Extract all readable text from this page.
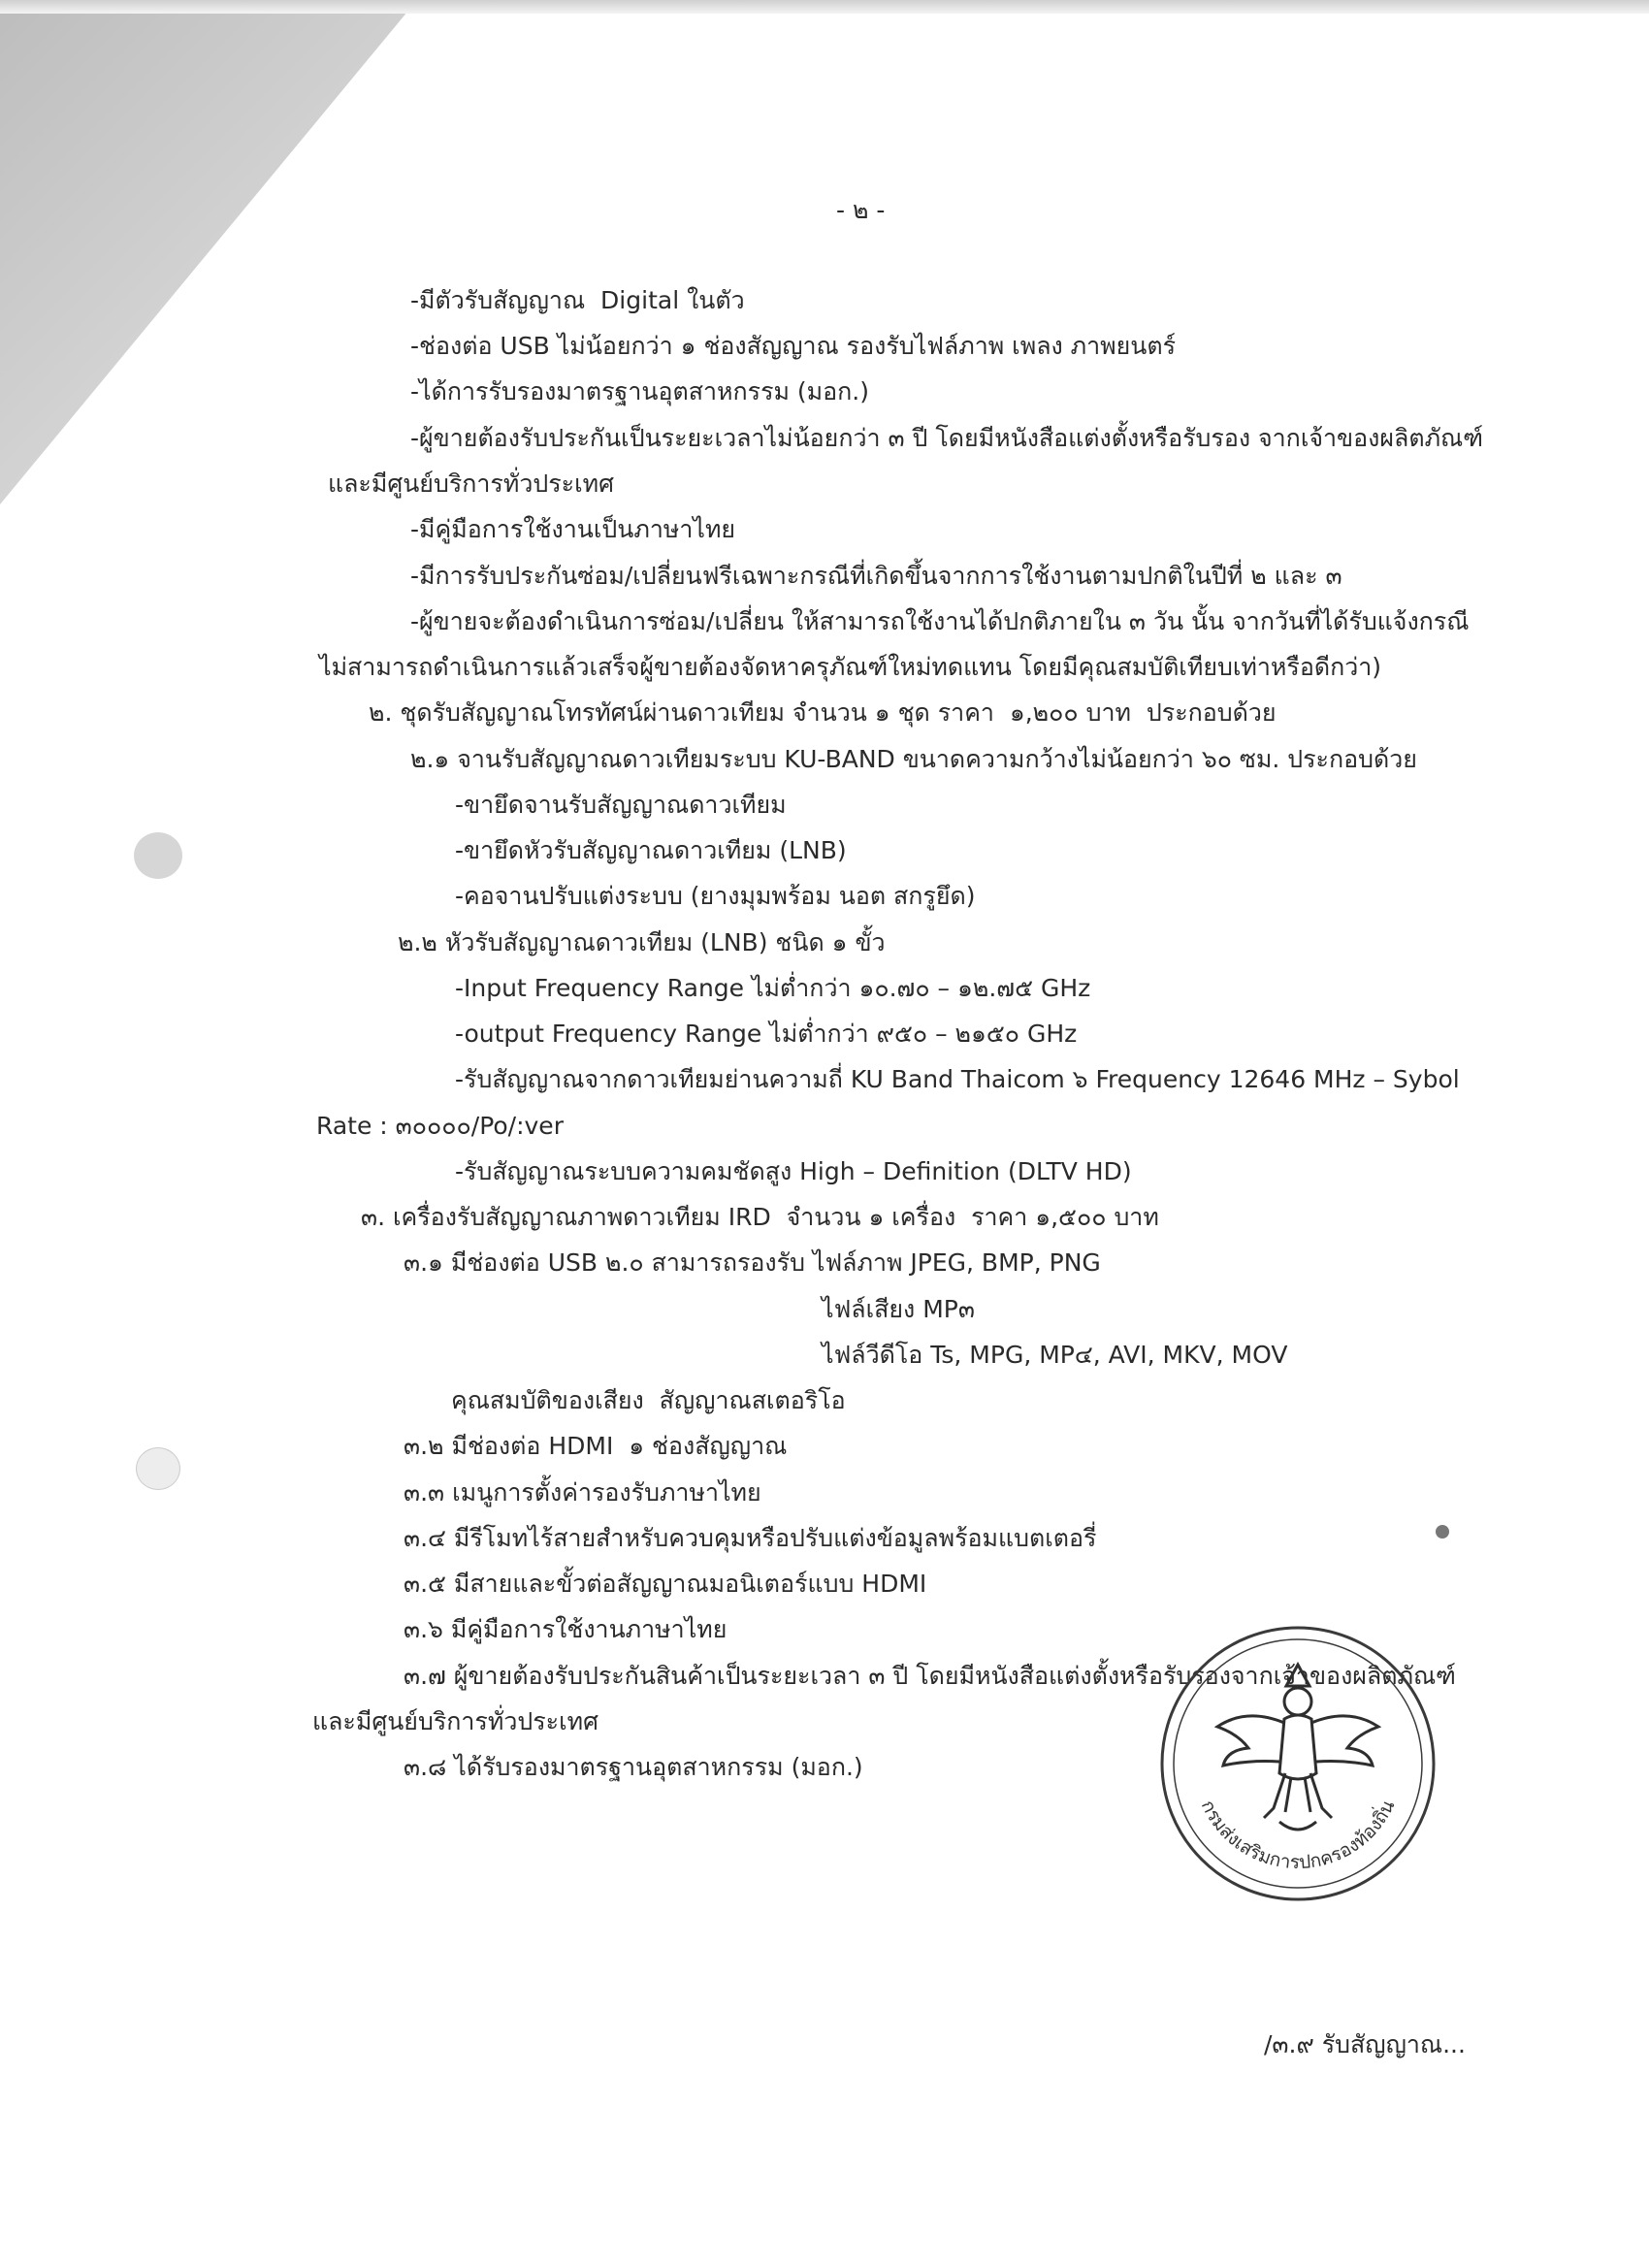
- ๒ -

-มีตัวรับสัญญาณ  Digital ในตัว

-ช่องต่อ USB ไม่น้อยกว่า ๑ ช่องสัญญาณ รองรับไฟล์ภาพ เพลง ภาพยนตร์

-ได้การรับรองมาตรฐานอุตสาหกรรม (มอก.)

-ผู้ขายต้องรับประกันเป็นระยะเวลาไม่น้อยกว่า ๓ ปี โดยมีหนังสือแต่งตั้งหรือรับรอง จากเจ้าของผลิตภัณฑ์

และมีศูนย์บริการทั่วประเทศ

-มีคู่มือการใช้งานเป็นภาษาไทย

-มีการรับประกันซ่อม/เปลี่ยนฟรีเฉพาะกรณีที่เกิดขึ้นจากการใช้งานตามปกติในปีที่ ๒ และ ๓

-ผู้ขายจะต้องดำเนินการซ่อม/เปลี่ยน ให้สามารถใช้งานได้ปกติภายใน ๓ วัน นั้น จากวันที่ได้รับแจ้งกรณี

ไม่สามารถดำเนินการแล้วเสร็จผู้ขายต้องจัดหาครุภัณฑ์ใหม่ทดแทน โดยมีคุณสมบัติเทียบเท่าหรือดีกว่า)

๒. ชุดรับสัญญาณโทรทัศน์ผ่านดาวเทียม จำนวน ๑ ชุด ราคา  ๑,๒๐๐ บาท  ประกอบด้วย

๒.๑ จานรับสัญญาณดาวเทียมระบบ KU-BAND ขนาดความกว้างไม่น้อยกว่า ๖๐ ซม. ประกอบด้วย

-ขายึดจานรับสัญญาณดาวเทียม

-ขายึดหัวรับสัญญาณดาวเทียม (LNB)

-คอจานปรับแต่งระบบ (ยางมุมพร้อม นอต สกรูยึด)

๒.๒ หัวรับสัญญาณดาวเทียม (LNB) ชนิด ๑ ขั้ว

-Input Frequency Range ไม่ต่ำกว่า ๑๐.๗๐ – ๑๒.๗๕ GHz

-output Frequency Range ไม่ต่ำกว่า ๙๕๐ – ๒๑๕๐ GHz

-รับสัญญาณจากดาวเทียมย่านความถี่ KU Band Thaicom ๖ Frequency 12646 MHz – Sybol

Rate : ๓๐๐๐๐/Po/:ver

-รับสัญญาณระบบความคมชัดสูง High – Definition (DLTV HD)

๓. เครื่องรับสัญญาณภาพดาวเทียม IRD  จำนวน ๑ เครื่อง  ราคา ๑,๕๐๐ บาท

๓.๑ มีช่องต่อ USB ๒.๐ สามารถรองรับ ไฟล์ภาพ JPEG, BMP, PNG

ไฟล์เสียง MP๓

ไฟล์วีดีโอ Ts, MPG, MP๔, AVI, MKV, MOV

คุณสมบัติของเสียง  สัญญาณสเตอริโอ

๓.๒ มีช่องต่อ HDMI  ๑ ช่องสัญญาณ

๓.๓ เมนูการตั้งค่ารองรับภาษาไทย

๓.๔ มีรีโมทไร้สายสำหรับควบคุมหรือปรับแต่งข้อมูลพร้อมแบตเตอรี่

๓.๕ มีสายและขั้วต่อสัญญาณมอนิเตอร์แบบ HDMI

๓.๖ มีคู่มือการใช้งานภาษาไทย

๓.๗ ผู้ขายต้องรับประกันสินค้าเป็นระยะเวลา ๓ ปี โดยมีหนังสือแต่งตั้งหรือรับรองจากเจ้าของผลิตภัณฑ์

และมีศูนย์บริการทั่วประเทศ

๓.๘ ได้รับรองมาตรฐานอุตสาหกรรม (มอก.)

กรมส่งเสริมการปกครองท้องถิ่น

/๓.๙ รับสัญญาณ...
